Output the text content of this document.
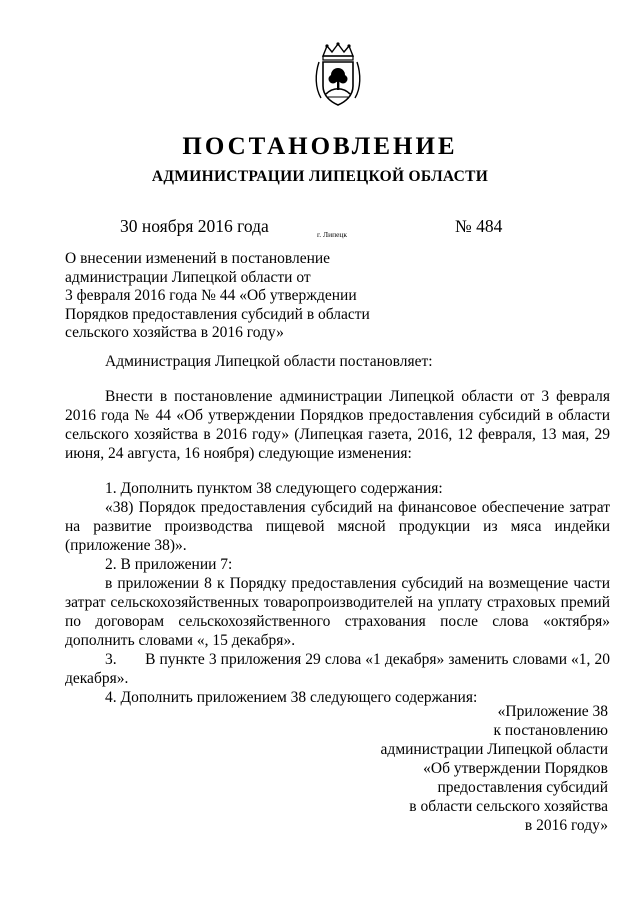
ПОСТАНОВЛЕНИЕ
АДМИНИСТРАЦИИ ЛИПЕЦКОЙ ОБЛАСТИ
30 ноября 2016 года	г. Липецк	№ 484
О внесении изменений в постановление
администрации Липецкой области от
3 февраля 2016 года № 44 «Об утверждении
Порядков предоставления субсидий в области
сельского хозяйства в 2016 году»
Администрация Липецкой области постановляет:
Внести в постановление администрации Липецкой области от 3 февраля 2016 года № 44 «Об утверждении Порядков предоставления субсидий в области сельского хозяйства в 2016 году» (Липецкая газета, 2016, 12 февраля, 13 мая, 29 июня, 24 августа, 16 ноября) следующие изменения:
1. Дополнить пунктом 38 следующего содержания:
«38) Порядок предоставления субсидий на финансовое обеспечение затрат на развитие производства пищевой мясной продукции из мяса индейки (приложение 38)».
2. В приложении 7:
в приложении 8 к Порядку предоставления субсидий на возмещение части затрат сельскохозяйственных товаропроизводителей на уплату страховых премий по договорам сельскохозяйственного страхования после слова «октября» дополнить словами «, 15 декабря».
3. В пункте 3 приложения 29 слова «1 декабря» заменить словами «1, 20 декабря».
4. Дополнить приложением 38 следующего содержания:
«Приложение 38
к постановлению
администрации Липецкой области
«Об утверждении Порядков
предоставления субсидий
в области сельского хозяйства
в 2016 году»
